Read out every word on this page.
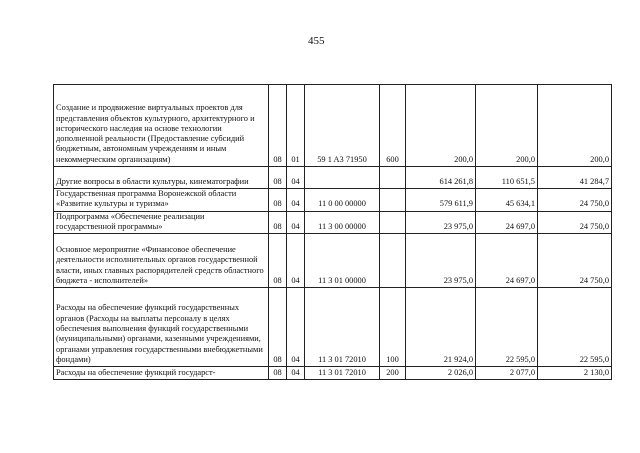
455
Создание и продвижение виртуальных проектов для представления объектов культурного, архитектурного и исторического наследия на основе технологии дополненной реальности (Предоставление субсидий бюджетным, автономным учреждениям и иным некоммерческим организациям)	08	01	59 1 A3 71950	600	200,0	200,0	200,0
Другие вопросы в области культуры, кинематографии	08	04			614 261,8	110 651,5	41 284,7
Государственная программа Воронежской области «Развитие культуры и туризма»	08	04	11 0 00 00000		579 611,9	45 634,1	24 750,0
Подпрограмма «Обеспечение реализации государственной программы»	08	04	11 3 00 00000		23 975,0	24 697,0	24 750,0
Основное мероприятие «Финансовое обеспечение деятельности исполнительных органов государственной власти, иных главных распорядителей средств областного бюджета - исполнителей»	08	04	11 3 01 00000		23 975,0	24 697,0	24 750,0
Расходы на обеспечение функций государственных органов (Расходы на выплаты персоналу в целях обеспечения выполнения функций государственными (муниципальными) органами, казенными учреждениями, органами управления государственными внебюджетными фондами)	08	04	11 3 01 72010	100	21 924,0	22 595,0	22 595,0
Расходы на обеспечение функций государст-	08	04	11 3 01 72010	200	2 026,0	2 077,0	2 130,0
